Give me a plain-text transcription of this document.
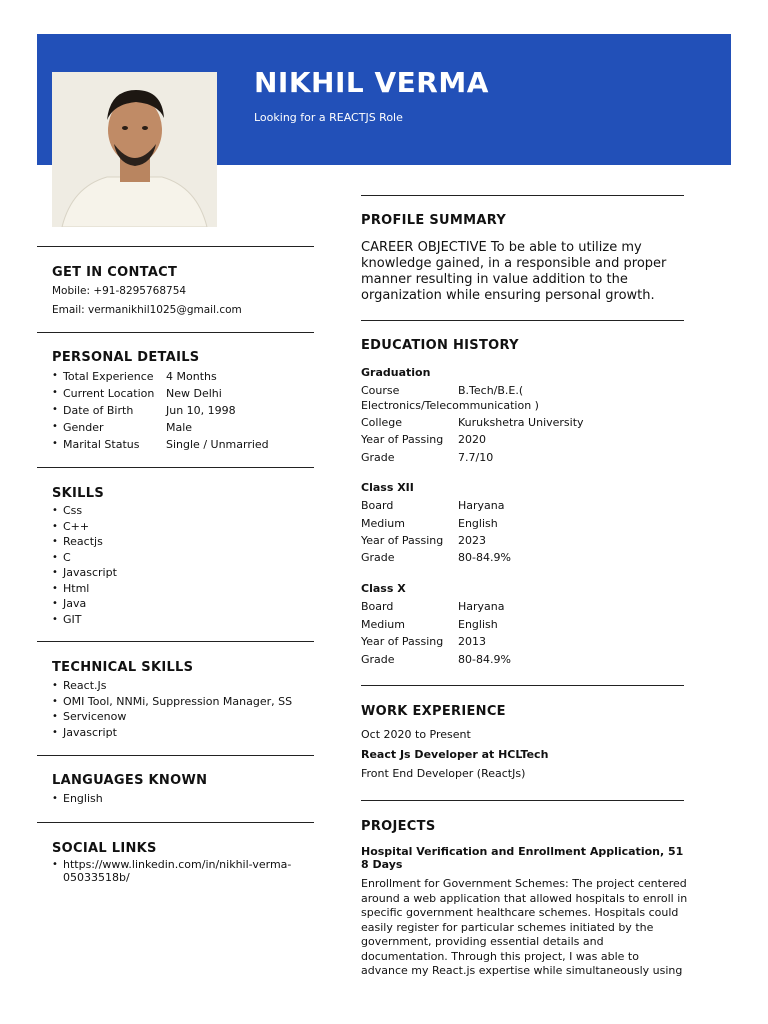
NIKHIL VERMA
Looking for a REACTJS Role
GET IN CONTACT
Mobile: +91-8295768754
Email: vermanikhil1025@gmail.com
PERSONAL DETAILS
• Total Experience 4 Months
• Current Location New Delhi
• Date of Birth	Jun 10, 1998
• Gender	Male
• Marital Status Single / Unmarried
SKILLS
• Css
• C++
• Reactjs
• C
• Javascript
• Html
• Java
• GIT
TECHNICAL SKILLS
• React.Js
• OMI Tool, NNMi, Suppression Manager, SS
• Servicenow
• Javascript
LANGUAGES KNOWN
• English
SOCIAL LINKS
• https://www.linkedin.com/in/nikhil-verma-
05033518b/
PROFILE SUMMARY
CAREER OBJECTIVE To be able to utilize my
knowledge gained, in a responsible and proper
manner resulting in value addition to the
organization while ensuring personal growth.
EDUCATION HISTORY
Graduation
Course	B.Tech/B.E.(
Electronics/Telecommunication )
College	Kurukshetra University
Year of Passing 2020
Grade	7.7/10
Class XII
Board	Haryana
Medium	English
Year of Passing 2023
Grade	80-84.9%
Class X
Board	Haryana
Medium	English
Year of Passing 2013
Grade	80-84.9%
WORK EXPERIENCE
Oct 2020 to Present
React Js Developer at HCLTech
Front End Developer (ReactJs)
PROJECTS
Hospital Verification and Enrollment Application, 51
8 Days
Enrollment for Government Schemes: The project centered
around a web application that allowed hospitals to enroll in
specific government healthcare schemes. Hospitals could
easily register for particular schemes initiated by the
government, providing essential details and
documentation. Through this project, I was able to
advance my React.js expertise while simultaneously using
